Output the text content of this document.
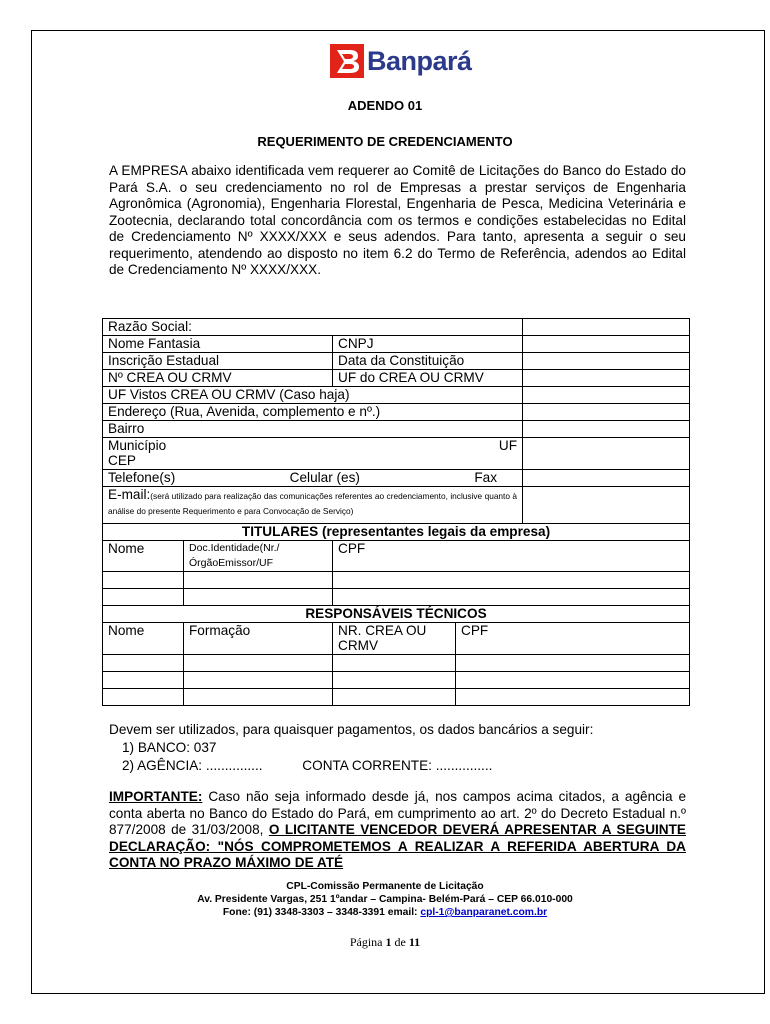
Banpará
ADENDO 01
REQUERIMENTO DE CREDENCIAMENTO

A EMPRESA abaixo identificada vem requerer ao Comitê de Licitações do Banco do Estado do Pará S.A. o seu credenciamento no rol de Empresas a prestar serviços de Engenharia Agronômica (Agronomia), Engenharia Florestal, Engenharia de Pesca, Medicina Veterinária e Zootecnia, declarando total concordância com os termos e condições estabelecidas no Edital de Credenciamento Nº XXXX/XXX e seus adendos. Para tanto, apresenta a seguir o seu requerimento, atendendo ao disposto no item 6.2 do Termo de Referência, adendos ao Edital de Credenciamento Nº XXXX/XXX.

Razão Social:				
Nome Fantasia		CNPJ		
Inscrição Estadual		Data da Constituição		
Nº CREA OU CRMV		UF do CREA OU CRMV		
UF Vistos CREA OU CRMV (Caso haja)				
Endereço (Rua, Avenida, complemento e nº.)				
Bairro				

Município UF
CEP				

Telefone(s) Celular (es) Fax				

E-mail:(será utilizado para realização das comunicações referentes ao credenciamento, inclusive quanto à análise do presente Requerimento e para Convocação de Serviço)				
TITULARES (representantes legais da empresa)				
Nome	Doc.Identidade(Nr./ÓrgãoEmissor/UF	CPF		

RESPONSÁVEIS TÉCNICOS				
Nome	Formação	NR. CREA OU CRMV	CPF	

Devem ser utilizados, para quaisquer pagamentos, os dados bancários a seguir:
1) BANCO: 037
2) AGÊNCIA: ...............	CONTA CORRENTE: ...............

IMPORTANTE: Caso não seja informado desde já, nos campos acima citados, a agência e conta aberta no Banco do Estado do Pará, em cumprimento ao art. 2º do Decreto Estadual n.º 877/2008 de 31/03/2008, O LICITANTE VENCEDOR DEVERÁ APRESENTAR A SEGUINTE DECLARAÇÃO: "NÓS COMPROMETEMOS A REALIZAR A REFERIDA ABERTURA DA CONTA NO PRAZO MÁXIMO DE ATÉ

CPL-Comissão Permanente de Licitação
Av. Presidente Vargas, 251 1ºandar – Campina- Belém-Pará – CEP 66.010-000
Fone: (91) 3348-3303 – 3348-3391 email: cpl-1@banparanet.com.br
Página 1 de 11
